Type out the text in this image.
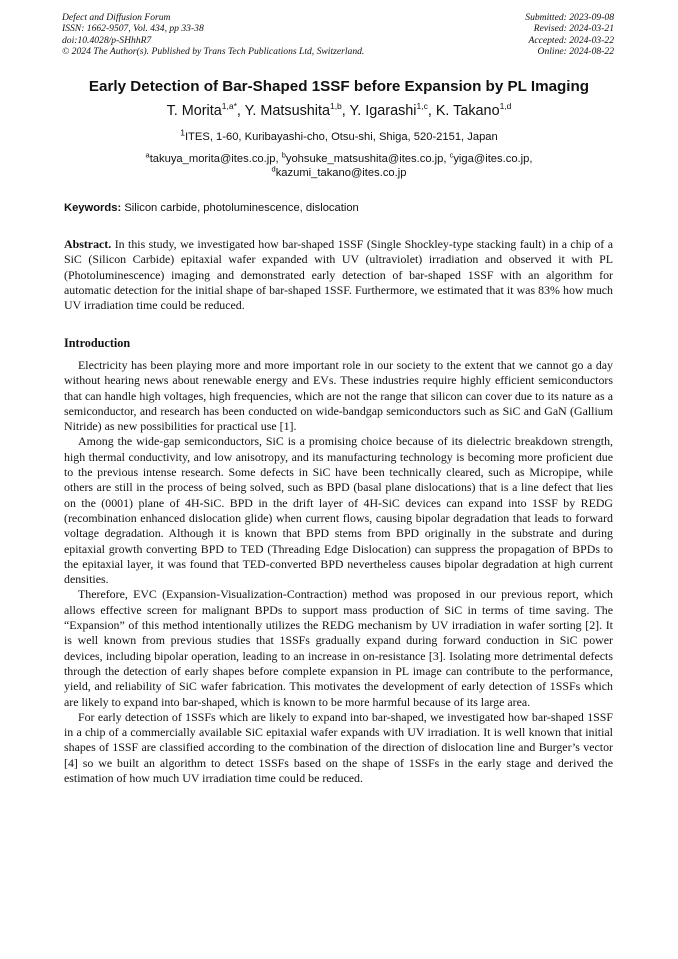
Defect and Diffusion Forum
ISSN: 1662-9507, Vol. 434, pp 33-38
doi:10.4028/p-SHhhR7
© 2024 The Author(s). Published by Trans Tech Publications Ltd, Switzerland.
Submitted: 2023-09-08
Revised: 2024-03-21
Accepted: 2024-03-22
Online: 2024-08-22
Early Detection of Bar-Shaped 1SSF before Expansion by PL Imaging
T. Morita$^{1,a*}$, Y. Matsushita$^{1,b}$, Y. Igarashi$^{1,c}$, K. Takano$^{1,d}$
$^1$ITES, 1-60, Kuribayashi-cho, Otsu-shi, Shiga, 520-2151, Japan
$^a$takuya_morita@ites.co.jp, $^b$yohsuke_matsushita@ites.co.jp, $^c$yiga@ites.co.jp,
$^d$kazumi_takano@ites.co.jp
Keywords: Silicon carbide, photoluminescence, dislocation

Abstract. In this study, we investigated how bar-shaped 1SSF (Single Shockley-type stacking fault) in a chip of a SiC (Silicon Carbide) epitaxial wafer expanded with UV (ultraviolet) irradiation and observed it with PL (Photoluminescence) imaging and demonstrated early detection of bar-shaped 1SSF with an algorithm for automatic detection for the initial shape of bar-shaped 1SSF. Furthermore, we estimated that it was 83% how much UV irradiation time could be reduced.

Introduction

Electricity has been playing more and more important role in our society to the extent that we cannot go a day without hearing news about renewable energy and EVs. These industries require highly efficient semiconductors that can handle high voltages, high frequencies, which are not the range that silicon can cover due to its nature as a semiconductor, and research has been conducted on wide-bandgap semiconductors such as SiC and GaN (Gallium Nitride) as new possibilities for practical use [1].

Among the wide-gap semiconductors, SiC is a promising choice because of its dielectric breakdown strength, high thermal conductivity, and low anisotropy, and its manufacturing technology is becoming more proficient due to the previous intense research. Some defects in SiC have been technically cleared, such as Micropipe, while others are still in the process of being solved, such as BPD (basal plane dislocations) that is a line defect that lies on the (0001) plane of 4H-SiC. BPD in the drift layer of 4H-SiC devices can expand into 1SSF by REDG (recombination enhanced dislocation glide) when current flows, causing bipolar degradation that leads to forward voltage degradation. Although it is known that BPD stems from BPD originally in the substrate and during epitaxial growth converting BPD to TED (Threading Edge Dislocation) can suppress the propagation of BPDs to the epitaxial layer, it was found that TED-converted BPD nevertheless causes bipolar degradation at high current densities.

Therefore, EVC (Expansion-Visualization-Contraction) method was proposed in our previous report, which allows effective screen for malignant BPDs to support mass production of SiC in terms of time saving. The “Expansion” of this method intentionally utilizes the REDG mechanism by UV irradiation in wafer sorting [2]. It is well known from previous studies that 1SSFs gradually expand during forward conduction in SiC power devices, including bipolar operation, leading to an increase in on-resistance [3]. Isolating more detrimental defects through the detection of early shapes before complete expansion in PL image can contribute to the performance, yield, and reliability of SiC wafer fabrication. This motivates the development of early detection of 1SSFs which are likely to expand into bar-shaped, which is known to be more harmful because of its large area.

For early detection of 1SSFs which are likely to expand into bar-shaped, we investigated how bar-shaped 1SSF in a chip of a commercially available SiC epitaxial wafer expands with UV irradiation. It is well known that initial shapes of 1SSF are classified according to the combination of the direction of dislocation line and Burger’s vector [4] so we built an algorithm to detect 1SSFs based on the shape of 1SSFs in the early stage and derived the estimation of how much UV irradiation time could be reduced.
